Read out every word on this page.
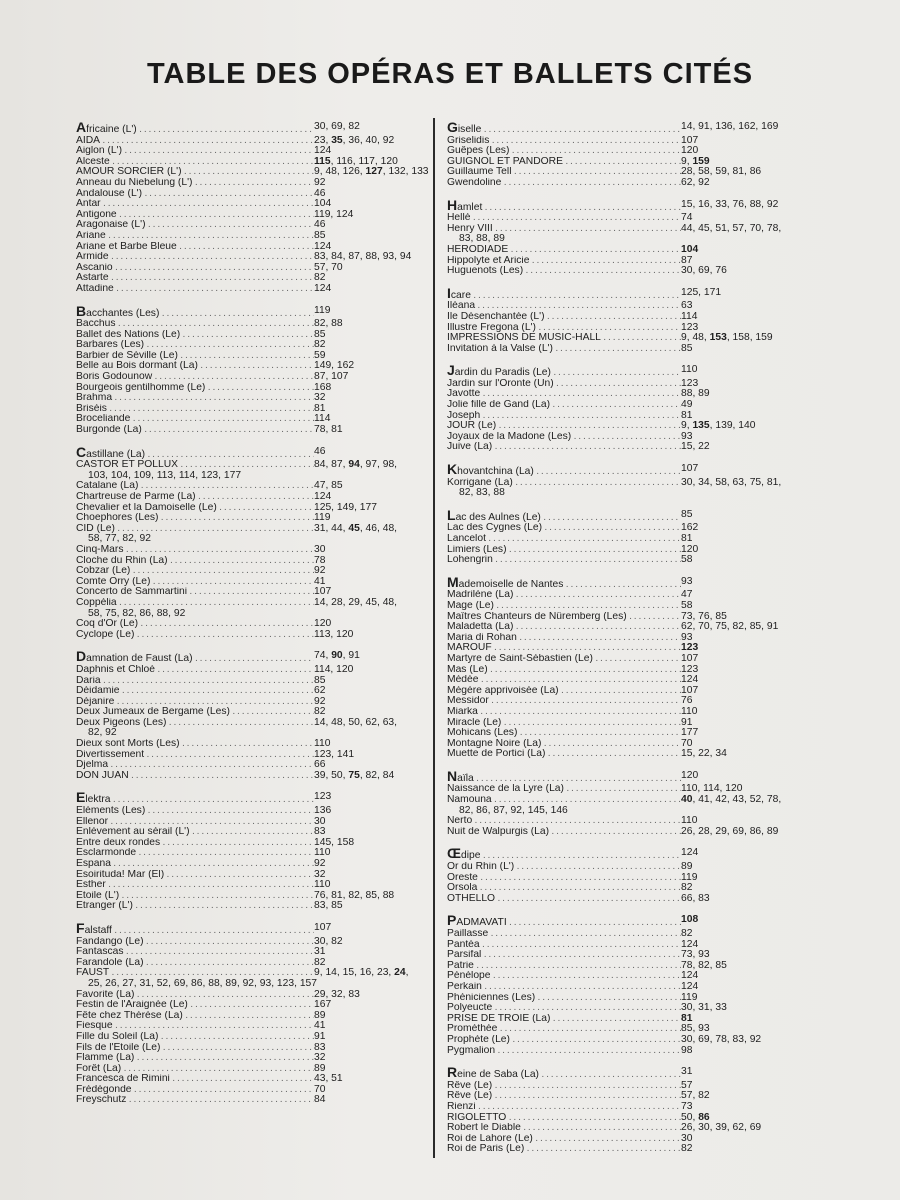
TABLE DES OPÉRAS ET BALLETS CITÉS
Africaine (L') . . .	30, 69, 82
AIDA . . .	23, 35, 36, 40, 92
Aiglon (L') . . .	124
Alceste . . .	115, 116, 117, 120
AMOUR SORCIER (L') . . .	9, 48, 126, 127, 132, 133
Anneau du Niebelung (L') . . .	92
Andalouse (L') . . .	46
Antar . . .	104
Antigone . . .	119, 124
Aragonaise (L') . . .	46
Ariane . . .	85
Ariane et Barbe Bleue . . .	124
Armide . . .	83, 84, 87, 88, 93, 94
Ascanio . . .	57, 70
Astarte . . .	82
Attadine . . .	124
Bacchantes (Les) . . .	119
Bacchus . . .	82, 88
Ballet des Nations (Le) . . .	85
Barbares (Les) . . .	82
Barbier de Séville (Le) . . .	59
Belle au Bois dormant (La) . . .	149, 162
Boris Godounow . . .	87, 107
Bourgeois gentilhomme (Le) . . .	168
Brahma . . .	32
Briséis . . .	81
Broceliande . . .	114
Burgonde (La) . . .	78, 81
Castillane (La) . . .	46
CASTOR ET POLLUX . . .	84, 87, 94, 97, 98,
103, 104, 109, 113, 114, 123, 177
Catalane (La) . . .	47, 85
Chartreuse de Parme (La) . . .	124
Chevalier et la Damoiselle (Le) . . .	125, 149, 177
Choephores (Les) . . .	119
CID (Le) . . .	31, 44, 45, 46, 48,
58, 77, 82, 92
Cinq-Mars . . .	30
Cloche du Rhin (La) . . .	78
Cobzar (Le) . . .	92
Comte Orry (Le) . . .	41
Concerto de Sammartini . . .	107
Coppélia . . .	14, 28, 29, 45, 48,
58, 75, 82, 86, 88, 92
Coq d'Or (Le) . . .	120
Cyclope (Le) . . .	113, 120
Damnation de Faust (La) . . .	74, 90, 91
Daphnis et Chloé . . .	114, 120
Daria . . .	85
Déidamie . . .	62
Déjanire . . .	92
Deux Jumeaux de Bergame (Les) . . .	82
Deux Pigeons (Les) . . .	14, 48, 50, 62, 63,
82, 92
Dieux sont Morts (Les) . . .	110
Divertissement . . .	123, 141
Djelma . . .	66
DON JUAN . . .	39, 50, 75, 82, 84
Elektra . . .	123
Eléments (Les) . . .	136
Ellenor . . .	30
Enlèvement au sérail (L') . . .	83
Entre deux rondes . . .	145, 158
Esclarmonde . . .	110
Espana . . .	92
Esoirituda! Mar (El) . . .	32
Esther . . .	110
Etoile (L') . . .	76, 81, 82, 85, 88
Etranger (L') . . .	83, 85
Falstaff . . .	107
Fandango (Le) . . .	30, 82
Fantascas . . .	31
Farandole (La) . . .	82
FAUST . . .	9, 14, 15, 16, 23, 24,
25, 26, 27, 31, 52, 69, 86, 88, 89, 92, 93, 123, 157
Favorite (La) . . .	29, 32, 83
Festin de l'Araignée (Le) . . .	167
Fête chez Thérèse (La) . . .	89
Fiesque . . .	41
Fille du Soleil (La) . . .	91
Fils de l'Etoile (Le) . . .	83
Flamme (La) . . .	32
Forêt (La) . . .	89
Francesca de Rimini . . .	43, 51
Frédégonde . . .	70
Freyschutz . . .	84
Giselle . . .	14, 91, 136, 162, 169
Griselidis . . .	107
Guêpes (Les) . . .	120
GUIGNOL ET PANDORE . . .	9, 159
Guillaume Tell . . .	28, 58, 59, 81, 86
Gwendoline . . .	62, 92
Hamlet . . .	15, 16, 33, 76, 88, 92
Hellé . . .	74
Henry VIII . . .	44, 45, 51, 57, 70, 78,
83, 88, 89
HÉRODIADE . . .	104
Hippolyte et Aricie . . .	87
Huguenots (Les) . . .	30, 69, 76
Icare . . .	125, 171
Iléana . . .	63
Ile Désenchantée (L') . . .	114
Illustre Fregona (L') . . .	123
IMPRESSIONS DE MUSIC-HALL . . .	9, 48, 153, 158, 159
Invitation à la Valse (L') . . .	85
Jardin du Paradis (Le) . . .	110
Jardin sur l'Oronte (Un) . . .	123
Javotte . . .	88, 89
Jolie fille de Gand (La) . . .	49
Joseph . . .	81
JOUR (Le) . . .	9, 135, 139, 140
Joyaux de la Madone (Les) . . .	93
Juive (La) . . .	15, 22
Khovantchina (La) . . .	107
Korrigane (La) . . .	30, 34, 58, 63, 75, 81,
82, 83, 88
Lac des Aulnes (Le) . . .	85
Lac des Cygnes (Le) . . .	162
Lancelot . . .	81
Limiers (Les) . . .	120
Lohengrin . . .	58
Mademoiselle de Nantes . . .	93
Madrilène (La) . . .	47
Mage (Le) . . .	58
Maîtres Chanteurs de Nüremberg (Les) . . .	73, 76, 85
Maladetta (La) . . .	62, 70, 75, 82, 85, 91
Maria di Rohan . . .	93
MAROUF . . .	123
Martyre de Saint-Sébastien (Le) . . .	107
Mas (Le) . . .	123
Médée . . .	124
Mégère apprivoisée (La) . . .	107
Messidor . . .	76
Miarka . . .	110
Miracle (Le) . . .	91
Mohicans (Les) . . .	177
Montagne Noire (La) . . .	70
Muette de Portici (La) . . .	15, 22, 34
Naïla . . .	120
Naissance de la Lyre (La) . . .	110, 114, 120
Namouna . . .	40, 41, 42, 43, 52, 78,
82, 86, 87, 92, 145, 146
Nerto . . .	110
Nuit de Walpurgis (La) . . .	26, 28, 29, 69, 86, 89
Œdipe . . .	124
Or du Rhin (L') . . .	89
Oreste . . .	119
Orsola . . .	82
OTHELLO . . .	66, 83
PADMAVATI . . .	108
Paillasse . . .	82
Pantéa . . .	124
Parsifal . . .	73, 93
Patrie . . .	78, 82, 85
Pénélope . . .	124
Perkain . . .	124
Phéniciennes (Les) . . .	119
Polyeucte . . .	30, 31, 33
PRISE DE TROIE (La) . . .	81
Prométhée . . .	85, 93
Prophète (Le) . . .	30, 69, 78, 83, 92
Pygmalion . . .	98
Reine de Saba (La) . . .	31
Rêve (Le) . . .	57
Rêve (Le) . . .	57, 82
Rienzi . . .	73
RIGOLETTO . . .	50, 86
Robert le Diable . . .	26, 30, 39, 62, 69
Roi de Lahore (Le) . . .	30
Roi de Paris (Le) . . .	82
